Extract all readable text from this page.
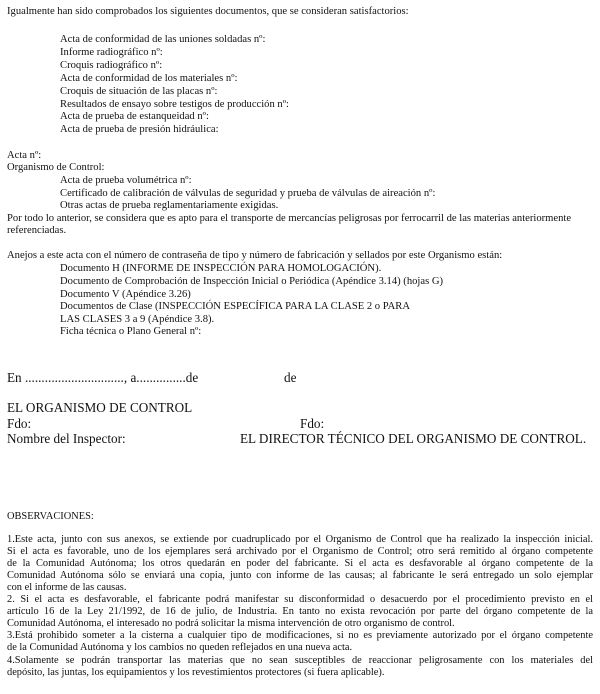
Igualmente han sido comprobados los siguientes documentos, que se consideran satisfactorios:
Acta de conformidad de las uniones soldadas nº:
Informe radiográfico nº:
Croquis radiográfico nº:
Acta de conformidad de los materiales nº:
Croquis de situación de las placas nº:
Resultados de ensayo sobre testigos de producción nº:
Acta de prueba de estanqueidad nº:
Acta de prueba de presión hidráulica:
Acta nº:
Organismo de Control:
Acta de prueba volumétrica nº:
Certificado de calibración de válvulas de seguridad y prueba de válvulas de aireación nº:
Otras actas de prueba reglamentariamente exigidas.
Por todo lo anterior, se considera que es apto para el transporte de mercancías peligrosas por ferrocarril de las materias anteriormente
referenciadas.
Anejos a este acta con el número de contraseña de tipo y número de fabricación y sellados por este Organismo están:
Documento H (INFORME DE INSPECCIÓN PARA HOMOLOGACIÓN).
Documento de Comprobación de Inspección Inicial o Periódica (Apéndice 3.14) (hojas G)
Documento V (Apéndice 3.26)
Documentos de Clase (INSPECCIÓN ESPECÍFICA PARA LA CLASE 2 o PARA
LAS CLASES 3 a 9 (Apéndice 3.8).
Ficha técnica o Plano General nº:
En .............................., a...............de	de
EL ORGANISMO DE CONTROL
Fdo:
Nombre del Inspector:
Fdo:
EL DIRECTOR TÉCNICO DEL ORGANISMO DE CONTROL.
OBSERVACIONES:
1.Este acta, junto con sus anexos, se extiende por cuadruplicado por el Organismo de Control que ha realizado la inspección inicial.
Si el acta es favorable, uno de los ejemplares será archivado por el Organismo de Control; otro será remitido al órgano competente
de la Comunidad Autónoma; los otros quedarán en poder del fabricante. Si el acta es desfavorable al órgano competente de la
Comunidad Autónoma sólo se enviará una copia, junto con informe de las causas; al fabricante le será entregado un solo ejemplar
con el informe de las causas.
2. Si el acta es desfavorable, el fabricante podrá manifestar su disconformidad o desacuerdo por el procedimiento previsto en el
artículo 16 de la Ley 21/1992, de 16 de julio, de Industria. En tanto no exista revocación por parte del órgano competente de la
Comunidad Autónoma, el interesado no podrá solicitar la misma intervención de otro organismo de control.
3.Está prohibido someter a la cisterna a cualquier tipo de modificaciones, si no es previamente autorizado por el órgano competente
de la Comunidad Autónoma y los cambios no queden reflejados en una nueva acta.
4.Solamente se podrán transportar las materias que no sean susceptibles de reaccionar peligrosamente con los materiales del
depósito, las juntas, los equipamientos y los revestimientos protectores (si fuera aplicable).
